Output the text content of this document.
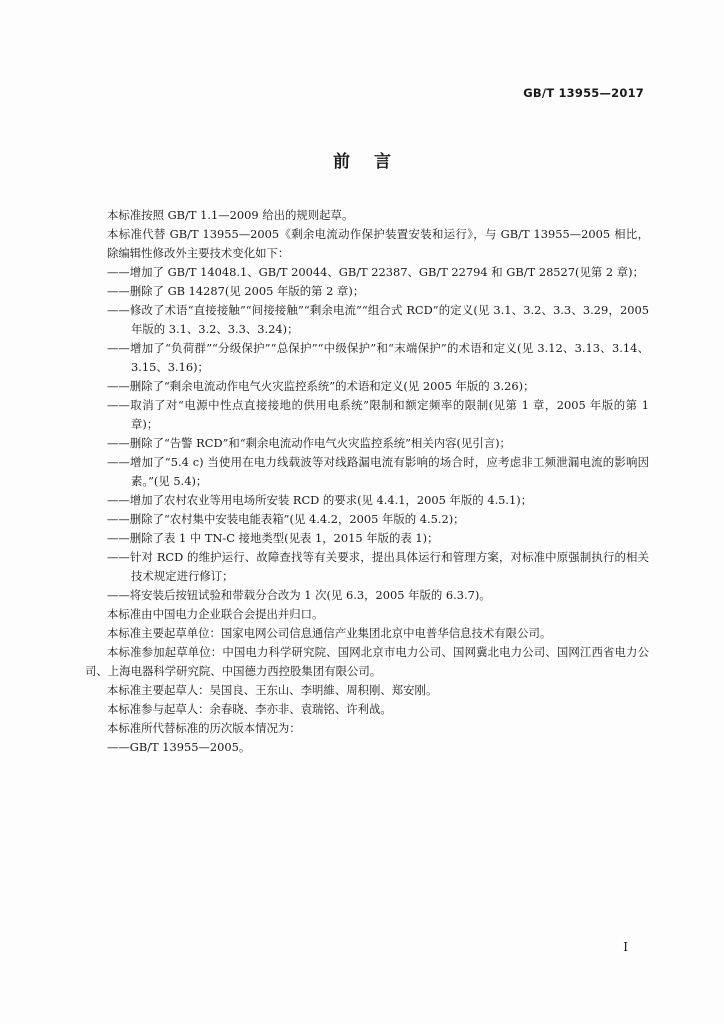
GB/T 13955—2017
前言

本标准按照 GB/T 1.1—2009 给出的规则起草。

本标准代替 GB/T 13955—2005《剩余电流动作保护装置安装和运行》，与 GB/T 13955—2005 相比，除编辑性修改外主要技术变化如下：

——增加了 GB/T 14048.1、GB/T 20044、GB/T 22387、GB/T 22794 和 GB/T 28527(见第 2 章)；

——删除了 GB 14287(见 2005 年版的第 2 章)；

——修改了术语“直接接触”“间接接触”“剩余电流”“组合式 RCD”的定义(见 3.1、3.2、3.3、3.29，2005 年版的 3.1、3.2、3.3、3.24)；

——增加了“负荷群”“分级保护”“总保护”“中级保护”和“末端保护”的术语和定义(见 3.12、3.13、3.14、3.15、3.16)；

——删除了“剩余电流动作电气火灾监控系统”的术语和定义(见 2005 年版的 3.26)；

——取消了对“电源中性点直接接地的供用电系统”限制和额定频率的限制(见第 1 章，2005 年版的第 1 章)；

——删除了“告警 RCD”和“剩余电流动作电气火灾监控系统”相关内容(见引言)；

——增加了“5.4 c) 当使用在电力线载波等对线路漏电流有影响的场合时，应考虑非工频泄漏电流的影响因素。”(见 5.4)；

——增加了农村农业等用电场所安装 RCD 的要求(见 4.4.1，2005 年版的 4.5.1)；

——删除了“农村集中安装电能表箱”(见 4.4.2，2005 年版的 4.5.2)；

——删除了表 1 中 TN-C 接地类型(见表 1，2015 年版的表 1)；

——针对 RCD 的维护运行、故障查找等有关要求，提出具体运行和管理方案，对标准中原强制执行的相关技术规定进行修订；

——将安装后按钮试验和带载分合改为 1 次(见 6.3，2005 年版的 6.3.7)。

本标准由中国电力企业联合会提出并归口。

本标准主要起草单位：国家电网公司信息通信产业集团北京中电普华信息技术有限公司。

本标准参加起草单位：中国电力科学研究院、国网北京市电力公司、国网冀北电力公司、国网江西省电力公司、上海电器科学研究院、中国德力西控股集团有限公司。

本标准主要起草人：吴国良、王东山、李明維、周积刚、郑安刚。

本标准参与起草人：余春晓、李亦非、袁瑞铭、许利战。

本标准所代替标准的历次版本情况为：

——GB/T 13955—2005。

I
